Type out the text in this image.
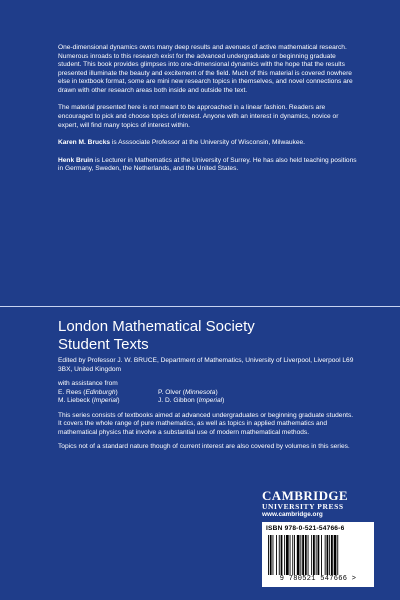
One-dimensional dynamics owns many deep results and avenues of active mathematical research. Numerous inroads to this research exist for the advanced undergraduate or beginning graduate student. This book provides glimpses into one-dimensional dynamics with the hope that the results presented illuminate the beauty and excitement of the field. Much of this material is covered nowhere else in textbook format, some are mini new research topics in themselves, and novel connections are drawn with other research areas both inside and outside the text.

The material presented here is not meant to be approached in a linear fashion. Readers are encouraged to pick and choose topics of interest. Anyone with an interest in dynamics, novice or expert, will find many topics of interest within.

Karen M. Brucks is Asssociate Professor at the University of Wisconsin, Milwaukee.

Henk Bruin is Lecturer in Mathematics at the University of Surrey. He has also held teaching positions in Germany, Sweden, the Netherlands, and the United States.

London Mathematical Society
Student Texts
Edited by Professor J. W. BRUCE, Department of Mathematics, University of Liverpool, Liverpool L69 3BX, United Kingdom
with assistance from
E. Rees (Edinburgh)	P. Olver (Minnesota)
M. Liebeck (Imperial)	J. D. Gibbon (Imperial)
This series consists of textbooks aimed at advanced undergraduates or beginning graduate students. It covers the whole range of pure mathematics, as well as topics in applied mathematics and mathematical physics that involve a substantial use of modern mathematical methods.
Topics not of a standard nature though of current interest are also covered by volumes in this series.
CAMBRIDGE
UNIVERSITY PRESS
www.cambridge.org
ISBN 978-0-521-54766-6
9 780521 547666 >
